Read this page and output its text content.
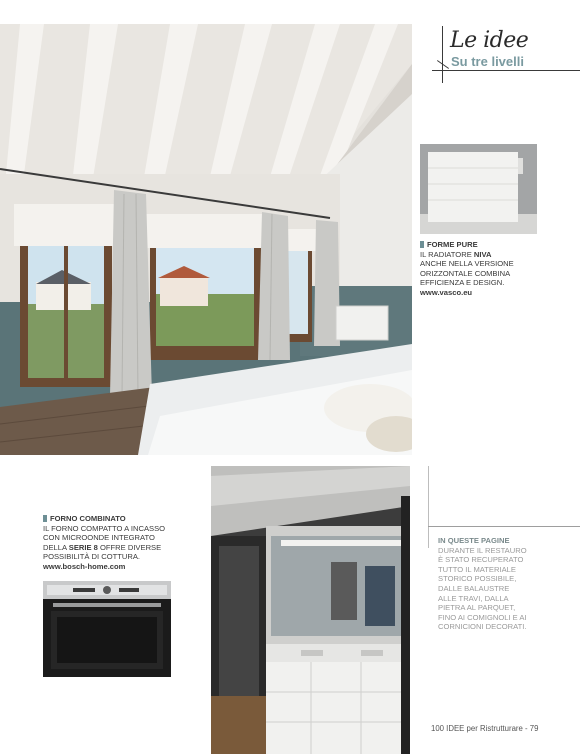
Le idee
Su tre livelli
FORME PURE
IL RADIATORE NIVA
ANCHE NELLA VERSIONE
ORIZZONTALE COMBINA
EFFICIENZA E DESIGN.
www.vasco.eu
FORNO COMBINATO
IL FORNO COMPATTO A INCASSO
CON MICROONDE INTEGRATO
DELLA SERIE 8 OFFRE DIVERSE
POSSIBILITÀ DI COTTURA.
www.bosch-home.com
IN QUESTE PAGINE
DURANTE IL RESTAURO
È STATO RECUPERATO
TUTTO IL MATERIALE
STORICO POSSIBILE,
DALLE BALAUSTRE
ALLE TRAVI, DALLA
PIETRA AL PARQUET,
FINO AI COMIGNOLI E AI
CORNICIONI DECORATI.
100 IDEE per Ristrutturare - 79
